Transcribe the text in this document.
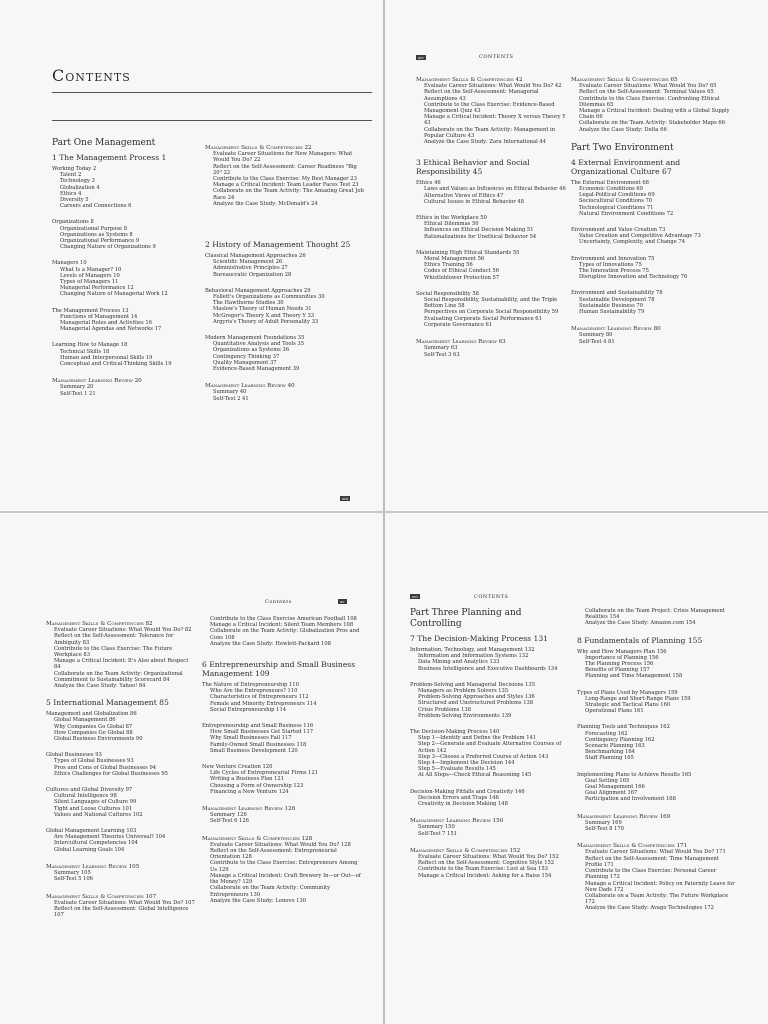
Contents
Part One Management
1 The Management Process 1
Working Today 2
Talent 2
Technology 3
Globalization 4
Ethics 4
Diversity 5
Careers and Connections 6
Organizations 8
Organizational Purpose 8
Organizations as Systems 8
Organizational Performance 9
Changing Nature of Organizations 9
Managers 10
What Is a Manager? 10
Levels of Managers 10
Types of Managers 11
Managerial Performance 12
Changing Nature of Managerial Work 12
The Management Process 13
Functions of Management 14
Managerial Roles and Activities 16
Managerial Agendas and Networks 17
Learning How to Manage 18
Technical Skills 18
Human and Interpersonal Skills 19
Conceptual and Critical-Thinking Skills 19
Management Learning Review 20
Summary 20
Self-Test 1 21
Management Skills & Competencies 22
Evaluate Career Situations for New Managers: What Would You Do? 22
Reflect on the Self-Assessment: Career Readiness "Big 20" 22
Contribute to the Class Exercise: My Best Manager 23
Manage a Critical Incident: Team Leader Faces Test 23
Collaborate on the Team Activity: The Amazing Great Job Race 24
Analyze the Case Study: McDonald's 24
2 History of Management Thought 25
Classical Management Approaches 26
Scientific Management 26
Administrative Principles 27
Bureaucratic Organization 28
Behavioral Management Approaches 29
Follett's Organizations as Communities 30
The Hawthorne Studies 30
Maslow's Theory of Human Needs 31
McGregor's Theory X and Theory Y 33
Argyris's Theory of Adult Personality 33
Modern Management Foundations 35
Quantitative Analysis and Tools 35
Organizations as Systems 36
Contingency Thinking 37
Quality Management 37
Evidence-Based Management 39
Management Learning Review 40
Summary 40
Self-Test 2 41
xiii
xiv	CONTENTS
Management Skills & Competencies 42
Evaluate Career Situations: What Would You Do? 42
Reflect on the Self-Assessment: Managerial Assumptions 43
Contribute to the Class Exercise: Evidence-Based Management Quiz 43
Manage a Critical Incident: Theory X versus Theory Y 43
Collaborate on the Team Activity: Management in Popular Culture 43
Analyze the Case Study: Zara International 44
3 Ethical Behavior and Social Responsibility 45
Ethics 46
Laws and Values as Influences on Ethical Behavior 46
Alternative Views of Ethics 47
Cultural Issues in Ethical Behavior 48
Ethics in the Workplace 50
Ethical Dilemmas 50
Influences on Ethical Decision Making 51
Rationalizations for Unethical Behavior 54
Maintaining High Ethical Standards 55
Moral Management 56
Ethics Training 56
Codes of Ethical Conduct 56
Whistleblower Protection 57
Social Responsibility 58
Social Responsibility, Sustainability, and the Triple Bottom Line 58
Perspectives on Corporate Social Responsibility 59
Evaluating Corporate Social Performance 61
Corporate Governance 61
Management Learning Review 63
Summary 63
Self-Test 3 63
Management Skills & Competencies 65
Evaluate Career Situations: What Would You Do? 65
Reflect on the Self-Assessment: Terminal Values 65
Contribute to the Class Exercise: Confronting Ethical Dilemmas 65
Manage a Critical Incident: Dealing with a Global Supply Chain 66
Collaborate on the Team Activity: Stakeholder Maps 66
Analyze the Case Study: Delta 66
Part Two Environment
4 External Environment and Organizational Culture 67
The External Environment 68
Economic Conditions 69
Legal-Political Conditions 69
Sociocultural Conditions 70
Technological Conditions 71
Natural Environment Conditions 72
Environment and Value Creation 73
Value Creation and Competitive Advantage 73
Uncertainty, Complexity, and Change 74
Environment and Innovation 75
Types of Innovations 75
The Innovation Process 75
Disruptive Innovation and Technology 76
Environment and Sustainability 78
Sustainable Development 78
Sustainable Business 79
Human Sustainability 79
Management Learning Review 80
Summary 80
Self-Test 4 81
Contents	xv
Management Skills & Competencies 82
Evaluate Career Situations: What Would You Do? 82
Reflect on the Self-Assessment: Tolerance for Ambiguity 83
Contribute to the Class Exercise: The Future Workplace 83
Manage a Critical Incident: It's Also about Respect 84
Collaborate on the Team Activity: Organizational Commitment to Sustainability Scorecard 84
Analyze the Case Study: Yahoo! 84
5 International Management 85
Management and Globalization 86
Global Management 86
Why Companies Go Global 87
How Companies Go Global 88
Global Business Environments 90
Global Businesses 93
Types of Global Businesses 93
Pros and Cons of Global Businesses 94
Ethics Challenges for Global Businesses 95
Cultures and Global Diversity 97
Cultural Intelligence 98
Silent Languages of Culture 99
Tight and Loose Cultures 101
Values and National Cultures 102
Global Management Learning 103
Are Management Theories Universal? 104
Intercultural Competencies 104
Global Learning Goals 104
Management Learning Review 105
Summary 105
Self-Test 5 106
Management Skills & Competencies 107
Evaluate Career Situations: What Would You Do? 107
Reflect on the Self-Assessment: Global Intelligence 107
Contribute to the Class Exercise American Football 108
Manage a Critical Incident: Silent Team Members 108
Collaborate on the Team Activity: Globalization Pros and Cons 108
Analyze the Case Study: Hewlett-Packard 108
6 Entrepreneurship and Small Business Management 109
The Nature of Entrepreneurship 110
Who Are the Entrepreneurs? 110
Characteristics of Entrepreneurs 112
Female and Minority Entrepreneurs 114
Social Entrepreneurship 114
Entrepreneurship and Small Business 116
How Small Businesses Get Started 117
Why Small Businesses Fail 117
Family-Owned Small Businesses 118
Small Business Development 120
New Venture Creation 120
Life Cycles of Entrepreneurial Firms 121
Writing a Business Plan 121
Choosing a Form of Ownership 123
Financing a New Venture 124
Management Learning Review 126
Summary 126
Self-Test 6 126
Management Skills & Competencies 128
Evaluate Career Situations: What Would You Do? 128
Reflect on the Self-Assessment: Entrepreneurial Orientation 128
Contribute to the Class Exercise: Entrepreneurs Among Us 129
Manage a Critical Incident: Craft Brewery In—or Out—of the Money? 129
Collaborate on the Team Activity: Community Entrepreneurs 130
Analyze the Case Study: Lenovo 130
xvi	CONTENTS
Part Three Planning and Controlling
7 The Decision-Making Process 131
Information, Technology, and Management 132
Information and Information Systems 132
Data Mining and Analytics 133
Business Intelligence and Executive Dashboards 134
Problem-Solving and Managerial Decisions 135
Managers as Problem Solvers 135
Problem-Solving Approaches and Styles 136
Structured and Unstructured Problems 138
Crisis Problems 138
Problem-Solving Environments 139
The Decision-Making Process 140
Step 1—Identify and Define the Problem 141
Step 2—Generate and Evaluate Alternative Courses of Action 142
Step 3—Choose a Preferred Course of Action 143
Step 4—Implement the Decision 144
Step 5—Evaluate Results 145
At All Steps—Check Ethical Reasoning 145
Decision-Making Pitfalls and Creativity 146
Decision Errors and Traps 146
Creativity in Decision Making 148
Management Learning Review 150
Summary 150
Self-Test 7 151
Management Skills & Competencies 152
Evaluate Career Situations: What Would You Do? 152
Reflect on the Self-Assessment: Cognitive Style 152
Contribute to the Team Exercise: Lost at Sea 153
Manage a Critical Incident: Asking for a Raise 154
Collaborate on the Team Project: Crisis Management Realities 154
Analyze the Case Study: Amazon.com 154
8 Fundamentals of Planning 155
Why and How Managers Plan 156
Importance of Planning 156
The Planning Process 156
Benefits of Planning 157
Planning and Time Management 158
Types of Plans Used by Managers 159
Long-Range and Short-Range Plans 159
Strategic and Tactical Plans 160
Operational Plans 161
Planning Tools and Techniques 162
Forecasting 162
Contingency Planning 162
Scenario Planning 163
Benchmarking 164
Staff Planning 165
Implementing Plans to Achieve Results 165
Goal Setting 165
Goal Management 166
Goal Alignment 167
Participation and Involvement 168
Management Learning Review 169
Summary 169
Self-Test 8 170
Management Skills & Competencies 171
Evaluate Career Situations: What Would You Do? 171
Reflect on the Self-Assessment: Time Management Profile 171
Contribute to the Class Exercise: Personal Career Planning 172
Manage a Critical Incident: Policy on Paternity Leave for New Dads 172
Collaborate on a Team Activity: The Future Workplace 172
Analyze the Case Study: Avago Technologies 172
